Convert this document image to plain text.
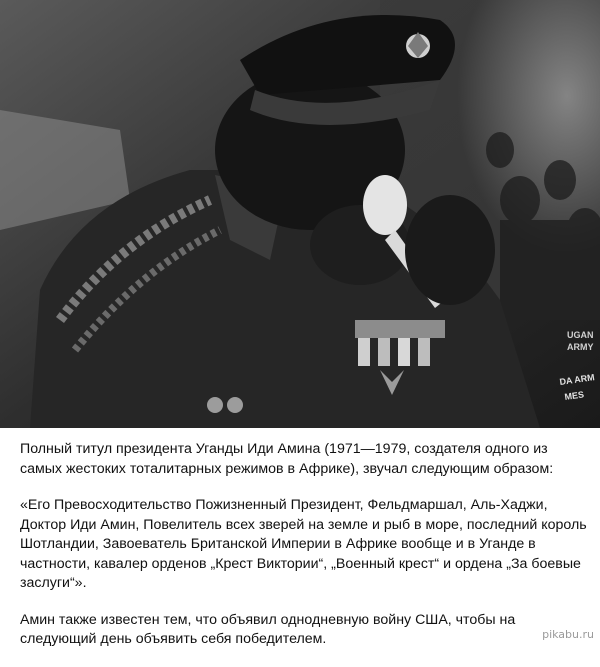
UGAN
ARMY
DA ARM
MES

Полный титул президента Уганды Иди Амина (1971—1979, создателя одного из самых жестоких тоталитарных режимов в Африке), звучал следующим образом:

«Его Превосходительство Пожизненный Президент, Фельдмаршал, Аль-Хаджи, Доктор Иди Амин, Повелитель всех зверей на земле и рыб в море, последний король Шотландии, Завоеватель Британской Империи в Африке вообще и в Уганде в частности, кавалер орденов „Крест Виктории“, „Военный крест“ и ордена „За боевые заслуги“».

Амин также известен тем, что объявил однодневную войну США, чтобы на следующий день объявить себя победителем.	pikabu.ru
